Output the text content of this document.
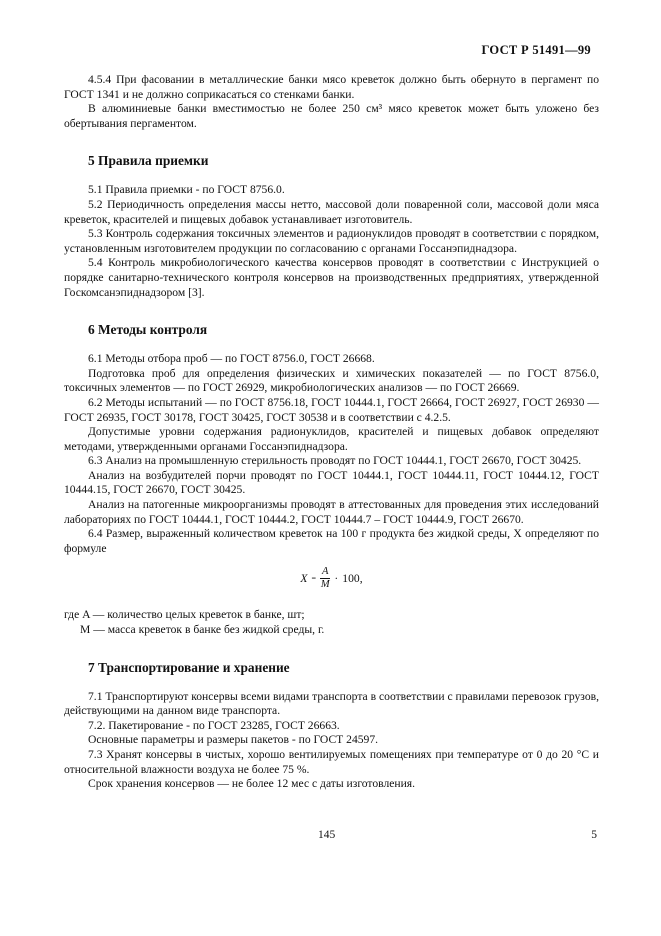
ГОСТ Р 51491—99

4.5.4 При фасовании в металлические банки мясо креветок должно быть обернуто в пергамент по ГОСТ 1341 и не должно соприкасаться со стенками банки.

В алюминиевые банки вместимостью не более 250 см³ мясо креветок может быть уложено без обертывания пергаментом.

5 Правила приемки

5.1 Правила приемки - по ГОСТ 8756.0.

5.2 Периодичность определения массы нетто, массовой доли поваренной соли, массовой доли мяса креветок, красителей и пищевых добавок устанавливает изготовитель.

5.3 Контроль содержания токсичных элементов и радионуклидов проводят в соответствии с порядком, установленным изготовителем продукции по согласованию с органами Госсанэпиднадзора.

5.4 Контроль микробиологического качества консервов проводят в соответствии с Инструкцией о порядке санитарно-технического контроля консервов на производственных предприятиях, утвержденной Госкомсанэпиднадзором [3].

6 Методы контроля

6.1 Методы отбора проб — по ГОСТ 8756.0, ГОСТ 26668.

Подготовка проб для определения физических и химических показателей — по ГОСТ 8756.0, токсичных элементов — по ГОСТ 26929, микробиологических анализов — по ГОСТ 26669.

6.2 Методы испытаний — по ГОСТ 8756.18, ГОСТ 10444.1, ГОСТ 26664, ГОСТ 26927, ГОСТ 26930 — ГОСТ 26935, ГОСТ 30178, ГОСТ 30425, ГОСТ 30538 и в соответствии с 4.2.5.

Допустимые уровни содержания радионуклидов, красителей и пищевых добавок определяют методами, утвержденными органами Госсанэпиднадзора.

6.3 Анализ на промышленную стерильность проводят по ГОСТ 10444.1, ГОСТ 26670, ГОСТ 30425.

Анализ на возбудителей порчи проводят по ГОСТ 10444.1, ГОСТ 10444.11, ГОСТ 10444.12, ГОСТ 10444.15, ГОСТ 26670, ГОСТ 30425.

Анализ на патогенные микроорганизмы проводят в аттестованных для проведения этих исследований лабораториях по ГОСТ 10444.1, ГОСТ 10444.2, ГОСТ 10444.7 – ГОСТ 10444.9, ГОСТ 26670.

6.4 Размер, выраженный количеством креветок на 100 г продукта без жидкой среды, X определяют по формуле

$X = \frac{A}{M} \cdot 100$,

где A — количество целых креветок в банке, шт;

M — масса креветок в банке без жидкой среды, г.

7 Транспортирование и хранение

7.1 Транспортируют консервы всеми видами транспорта в соответствии с правилами перевозок грузов, действующими на данном виде транспорта.

7.2. Пакетирование - по ГОСТ 23285, ГОСТ 26663.

Основные параметры и размеры пакетов - по ГОСТ 24597.

7.3 Хранят консервы в чистых, хорошо вентилируемых помещениях при температуре от 0 до 20 °С и относительной влажности воздуха не более 75 %.

Срок хранения консервов — не более 12 мес с даты изготовления.

145	5
